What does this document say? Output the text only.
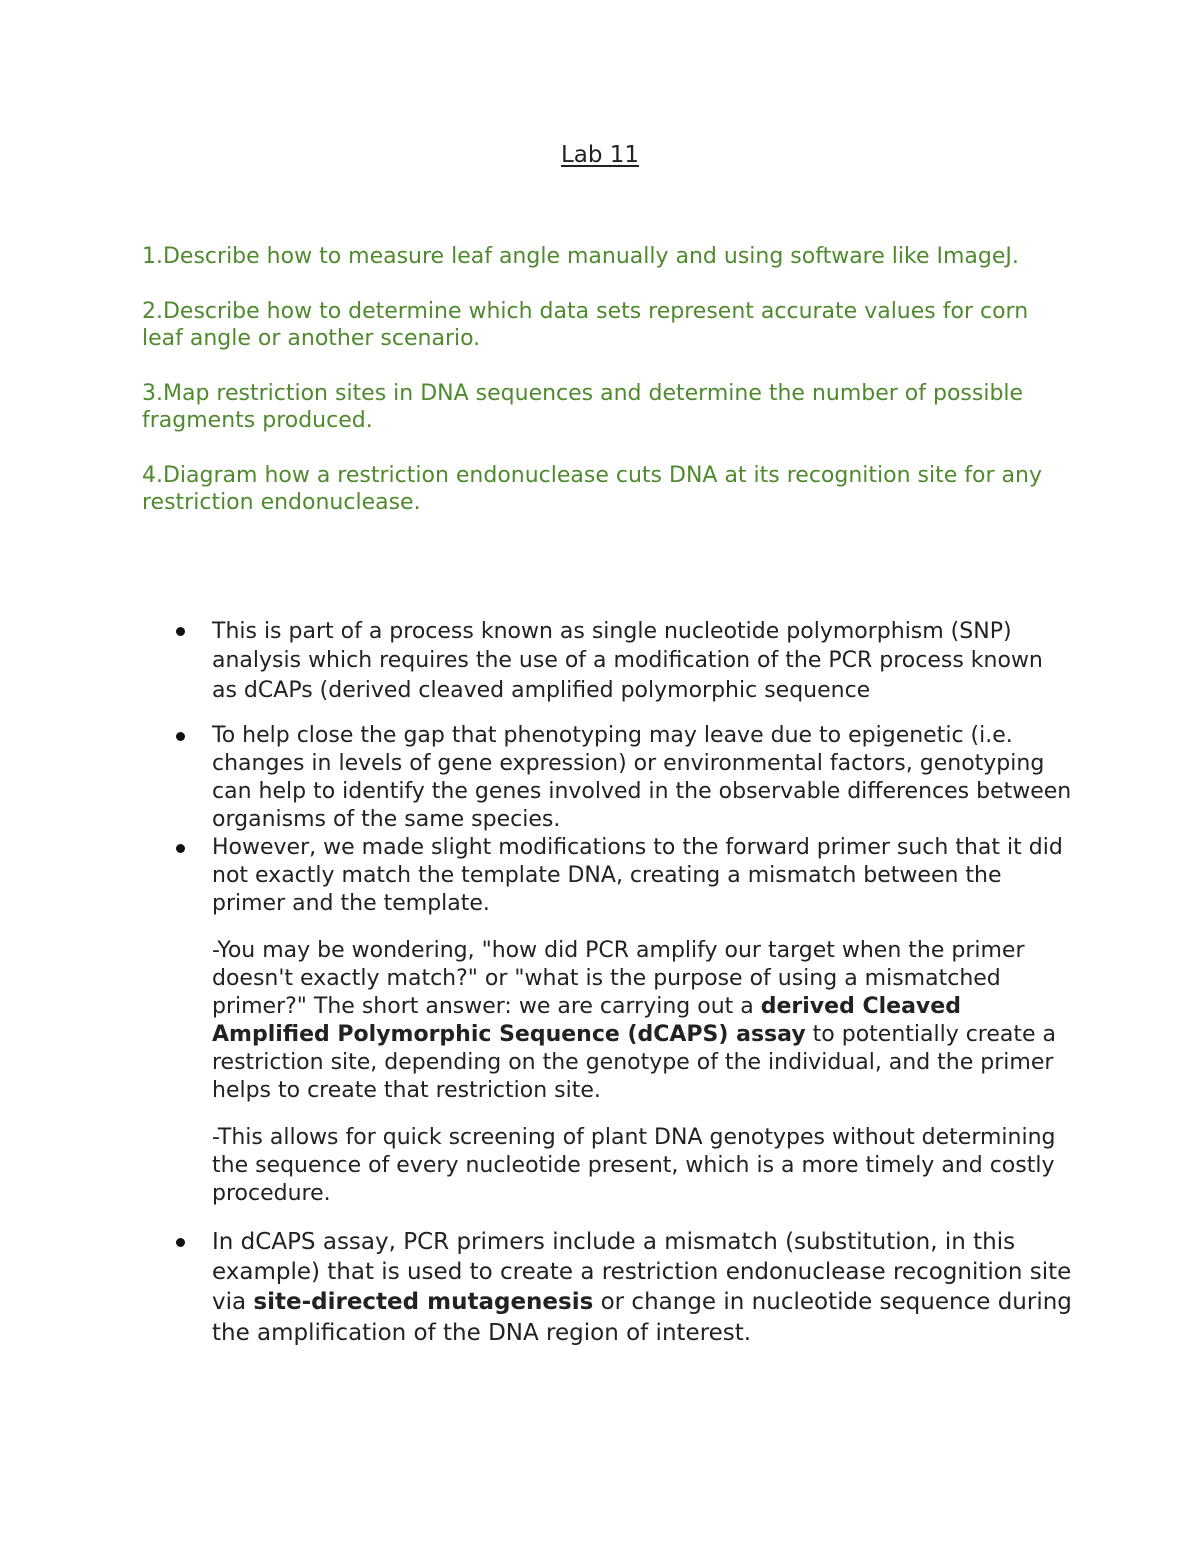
Lab 11

1.Describe how to measure leaf angle manually and using software like ImageJ.

2.Describe how to determine which data sets represent accurate values for corn leaf angle or another scenario.

3.Map restriction sites in DNA sequences and determine the number of possible fragments produced.

4.Diagram how a restriction endonuclease cuts DNA at its recognition site for any restriction endonuclease.

This is part of a process known as single nucleotide polymorphism (SNP) analysis which requires the use of a modification of the PCR process known as dCAPs (derived cleaved amplified polymorphic sequence
To help close the gap that phenotyping may leave due to epigenetic (i.e. changes in levels of gene expression) or environmental factors, genotyping can help to identify the genes involved in the observable differences between organisms of the same species.
However, we made slight modifications to the forward primer such that it did not exactly match the template DNA, creating a mismatch between the primer and the template.
-You may be wondering, "how did PCR amplify our target when the primer doesn't exactly match?" or "what is the purpose of using a mismatched primer?" The short answer: we are carrying out a derived Cleaved Amplified Polymorphic Sequence (dCAPS) assay to potentially create a restriction site, depending on the genotype of the individual, and the primer helps to create that restriction site.
-This allows for quick screening of plant DNA genotypes without determining the sequence of every nucleotide present, which is a more timely and costly procedure.
In dCAPS assay, PCR primers include a mismatch (substitution, in this example) that is used to create a restriction endonuclease recognition site via site-directed mutagenesis or change in nucleotide sequence during the amplification of the DNA region of interest.
